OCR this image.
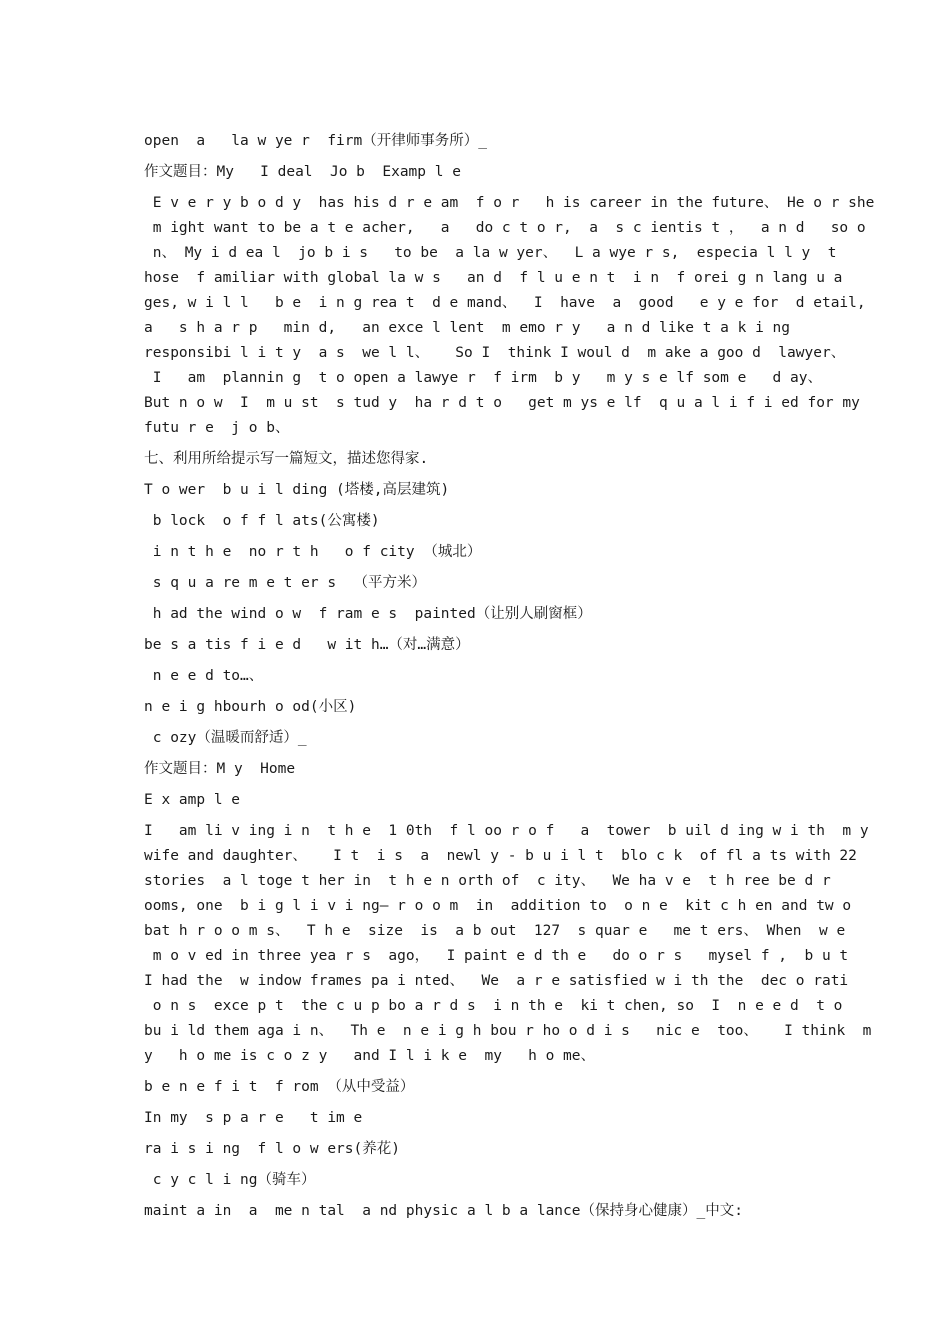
open  a   la w ye r  firm（开律师事务所）_
作文题目：My   I deal  Jo b  Examp l e
E v e r y b o d y  has his d r e am  f o r   h is career in the future、 He o r she
m ight want to be a t e acher,   a   do c t o r,  a  s c ientis t ，  a n d   so o
n、 My i d ea l  jo b i s   to be  a la w yer、  L a wye r s,  especia l l y  t
hose  f amiliar with global la w s   an d  f l u e n t  i n  f orei g n lang u a
ges, w i l l   b e  i n g rea t  d e mand、  I  have  a  good   e y e for  d etail,
a   s h a r p   min d,   an exce l lent  m emo r y   a n d like t a k i ng
responsibi l i t y  a s  we l l、   So I  think I woul d  m ake a goo d  lawyer、
I   am  plannin g  t o open a lawye r  f irm  b y   m y s e lf som e   d ay、
But n o w  I  m u st  s tud y  ha r d t o   get m ys e lf  q u a l i f i ed for my
futu r e  j o b、
七、利用所给提示写一篇短文，描述您得家.
T o wer  b u i l ding (塔楼,高层建筑)
b lock  o f f l ats(公寓楼)
i n t h e  no r t h   o f city （城北）
s q u a re m e t er s  （平方米）
h ad the wind o w  f ram e s  painted（让别人刷窗框）
be s a tis f i e d   w it h…（对…满意）
n e e d to…、
n e i g hbourh o od(小区)
c ozy（温暖而舒适）_
作文题目：M y  Home
E x amp l e
I   am li v ing i n  t h e  1 0th  f l oo r o f   a  tower  b uil d ing w i th  m y
wife and daughter、   I t  i s  a  newl y - b u i l t  blo c k  of fl a ts with 22
stories  a l toge t her in  t h e n orth of  c ity、  We ha v e  t h ree be d r
ooms, one  b i g l i v i ng— r o o m  in  addition to  o n e  kit c h en and tw o
bat h r o o m s、  T h e  size  is  a b out  127  s quar e   me t ers、 When  w e
m o v ed in three yea r s  ago，  I paint e d th e   do o r s   mysel f ,  b u t
I had the  w indow frames pa i nted、  We  a r e satisfied w i th the  dec o rati
o n s  exce p t  the c u p bo a r d s  i n th e  ki t chen, so  I  n e e d  t o
bu i ld them aga i n、  Th e  n e i g h bou r ho o d i s   nic e  too、   I think  m
y   h o me is c o z y   and I l i k e  my   h o me、
b e n e f i t  f rom （从中受益）
In my  s p a r e   t im e
ra i s i ng  f l o w ers(养花)
c y c l i ng（骑车）
maint a in  a  me n tal  a nd physic a l b a lance（保持身心健康）_中文:
